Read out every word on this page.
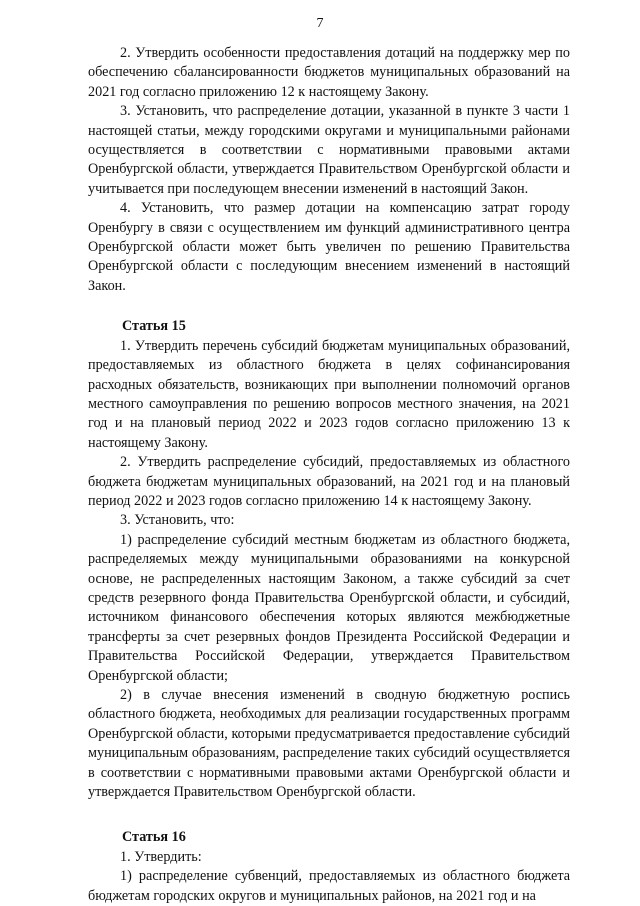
7

2. Утвердить особенности предоставления дотаций на поддержку мер по обеспечению сбалансированности бюджетов муниципальных образований на 2021 год согласно приложению 12 к настоящему Закону.

3. Установить, что распределение дотации, указанной в пункте 3 части 1 настоящей статьи, между городскими округами и муниципальными районами осуществляется в соответствии с нормативными правовыми актами Оренбургской области, утверждается Правительством Оренбургской области и учитывается при последующем внесении изменений в настоящий Закон.

4. Установить, что размер дотации на компенсацию затрат городу Оренбургу в связи с осуществлением им функций административного центра Оренбургской области может быть увеличен по решению Правительства Оренбургской области с последующим внесением изменений в настоящий Закон.

Статья 15

1. Утвердить перечень субсидий бюджетам муниципальных образований, предоставляемых из областного бюджета в целях софинансирования расходных обязательств, возникающих при выполнении полномочий органов местного самоуправления по решению вопросов местного значения, на 2021 год и на плановый период 2022 и 2023 годов согласно приложению 13 к настоящему Закону.

2. Утвердить распределение субсидий, предоставляемых из областного бюджета бюджетам муниципальных образований, на 2021 год и на плановый период 2022 и 2023 годов согласно приложению 14 к настоящему Закону.

3. Установить, что:

1) распределение субсидий местным бюджетам из областного бюджета, распределяемых между муниципальными образованиями на конкурсной основе, не распределенных настоящим Законом, а также субсидий за счет средств резервного фонда Правительства Оренбургской области, и субсидий, источником финансового обеспечения которых являются межбюджетные трансферты за счет резервных фондов Президента Российской Федерации и Правительства Российской Федерации, утверждается Правительством Оренбургской области;

2) в случае внесения изменений в сводную бюджетную роспись областного бюджета, необходимых для реализации государственных программ Оренбургской области, которыми предусматривается предоставление субсидий муниципальным образованиям, распределение таких субсидий осуществляется в соответствии с нормативными правовыми актами Оренбургской области и утверждается Правительством Оренбургской области.

Статья 16

1. Утвердить:

1) распределение субвенций, предоставляемых из областного бюджета бюджетам городских округов и муниципальных районов, на 2021 год и на
